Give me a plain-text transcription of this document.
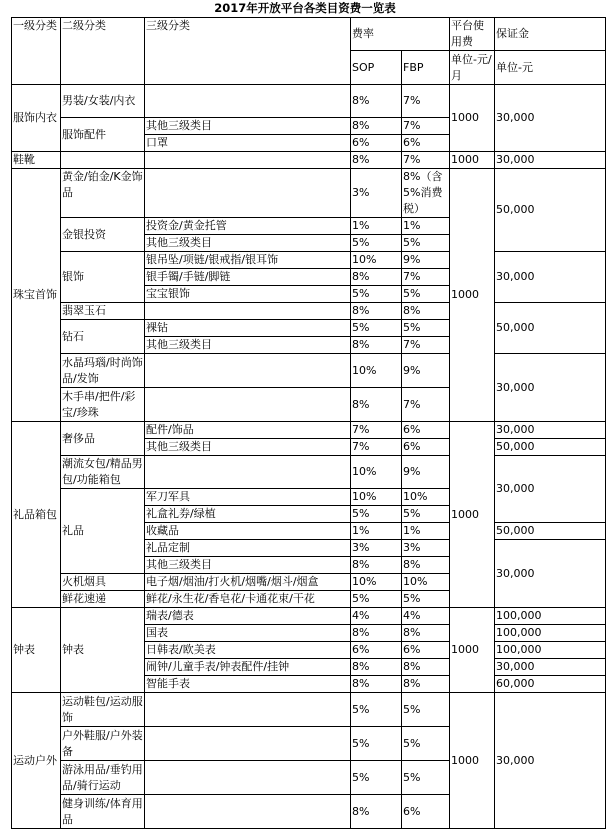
2017年开放平台各类目资费一览表
一级分类	二级分类	三级分类	费率		平台使用费	保证金
			SOP	FBP	单位-元/月	单位-元
服饰内衣	男装/女装/内衣		8%	7%	1000	30,000
	服饰配件	其他三级类目	8%	7%		
		口罩	6%	6%		
鞋靴			8%	7%	1000	30,000
珠宝首饰	黄金/铂金/K金饰品		3%	8%（含5%消费税）	1000	50,000
	金银投资	投资金/黄金托管	1%	1%		
		其他三级类目	5%	5%		
	银饰	银吊坠/项链/银戒指/银耳饰	10%	9%		30,000
		银手镯/手链/脚链	8%	7%		
		宝宝银饰	5%	5%		
	翡翠玉石		8%	8%		50,000
	钻石	裸钻	5%	5%		
		其他三级类目	8%	7%		
	水晶玛瑙/时尚饰品/发饰		10%	9%		30,000
	木手串/把件/彩宝/珍珠		8%	7%		
礼品箱包	奢侈品	配件/饰品	7%	6%	1000	30,000
		其他三级类目	7%	6%		50,000
	潮流女包/精品男包/功能箱包		10%	9%		30,000
	礼品	军刀军具	10%	10%		
		礼盒礼券/绿植	5%	5%		
		收藏品	1%	1%		50,000
		礼品定制	3%	3%		30,000
		其他三级类目	8%	8%		
	火机烟具	电子烟/烟油/打火机/烟嘴/烟斗/烟盒	10%	10%		
	鲜花速递	鲜花/永生花/香皂花/卡通花束/干花	5%	5%		
钟表	钟表	瑞表/德表	4%	4%	1000	100,000
		国表	8%	8%		100,000
		日韩表/欧美表	6%	6%		100,000
		闹钟/儿童手表/钟表配件/挂钟	8%	8%		30,000
		智能手表	8%	8%		60,000
运动户外	运动鞋包/运动服饰		5%	5%	1000	30,000
	户外鞋服/户外装备		5%	5%		
	游泳用品/垂钓用品/骑行运动		5%	5%		
	健身训练/体育用品		8%	6%		
